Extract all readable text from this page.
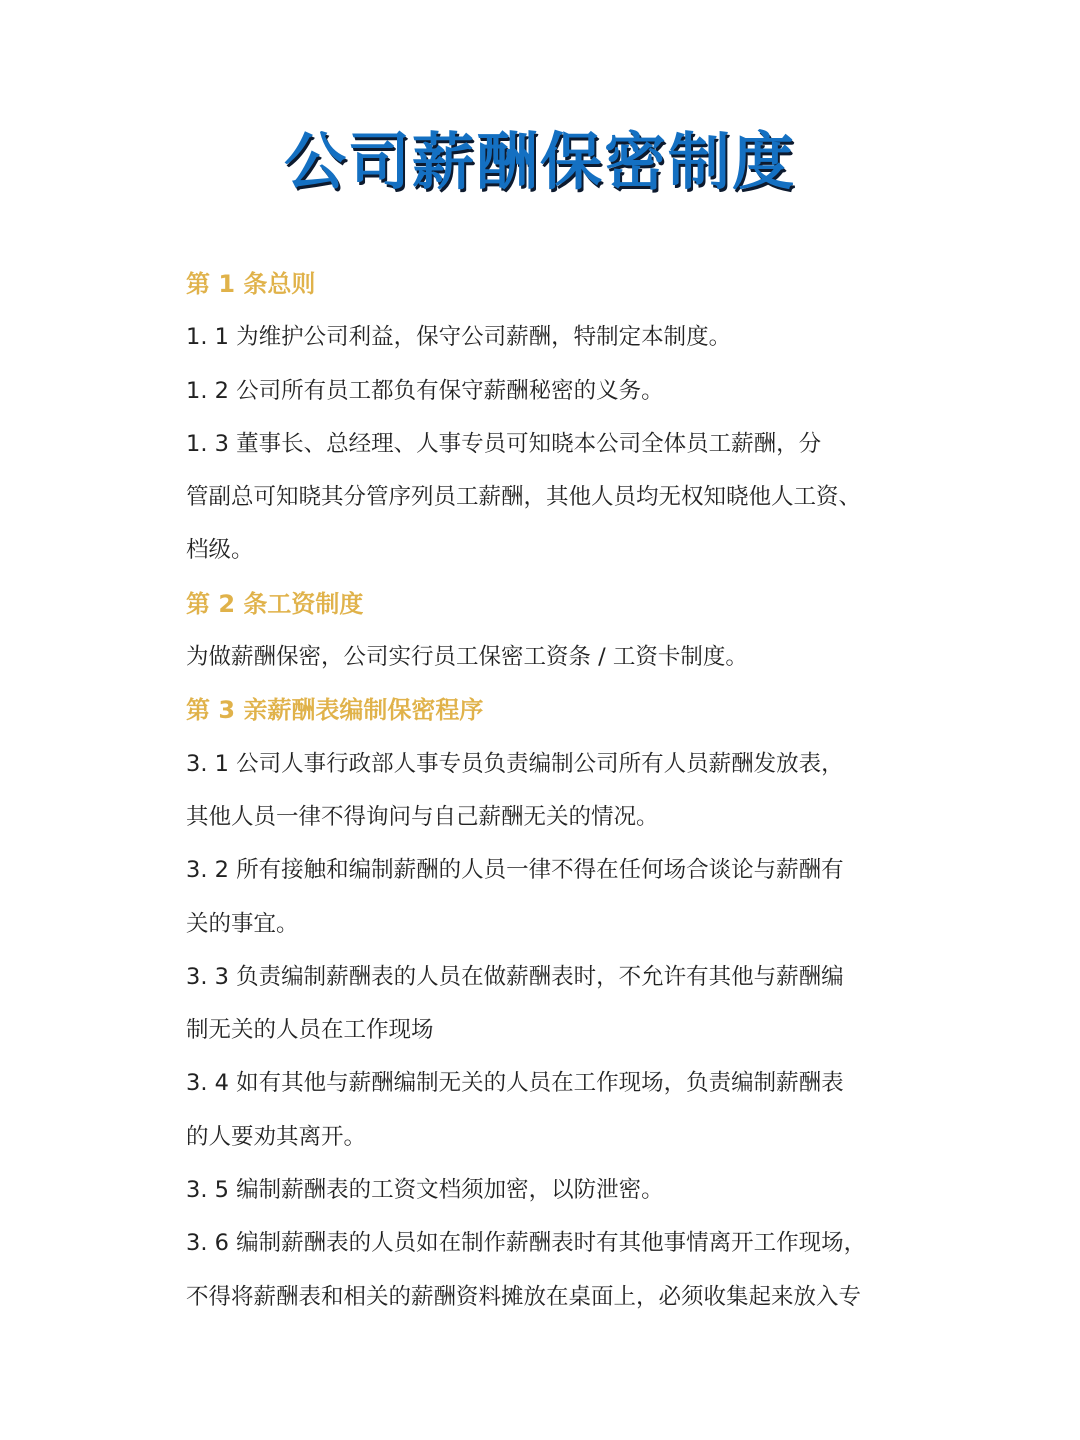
公司薪酬保密制度
第 1 条总则
1. 1 为维护公司利益，保守公司薪酬，特制定本制度。
1. 2 公司所有员工都负有保守薪酬秘密的义务。
1. 3 董事长、总经理、人事专员可知晓本公司全体员工薪酬，分
管副总可知晓其分管序列员工薪酬，其他人员均无权知晓他人工资、
档级。
第 2 条工资制度
为做薪酬保密，公司实行员工保密工资条 / 工资卡制度。
第 3 亲薪酬表编制保密程序
3. 1 公司人事行政部人事专员负责编制公司所有人员薪酬发放表，
其他人员一律不得询问与自己薪酬无关的情况。
3. 2 所有接触和编制薪酬的人员一律不得在任何场合谈论与薪酬有
关的事宜。
3. 3 负责编制薪酬表的人员在做薪酬表时，不允许有其他与薪酬编
制无关的人员在工作现场
3. 4 如有其他与薪酬编制无关的人员在工作现场，负责编制薪酬表
的人要劝其离开。
3. 5 编制薪酬表的工资文档须加密，以防泄密。
3. 6 编制薪酬表的人员如在制作薪酬表时有其他事情离开工作现场，
不得将薪酬表和相关的薪酬资料摊放在桌面上，必须收集起来放入专
